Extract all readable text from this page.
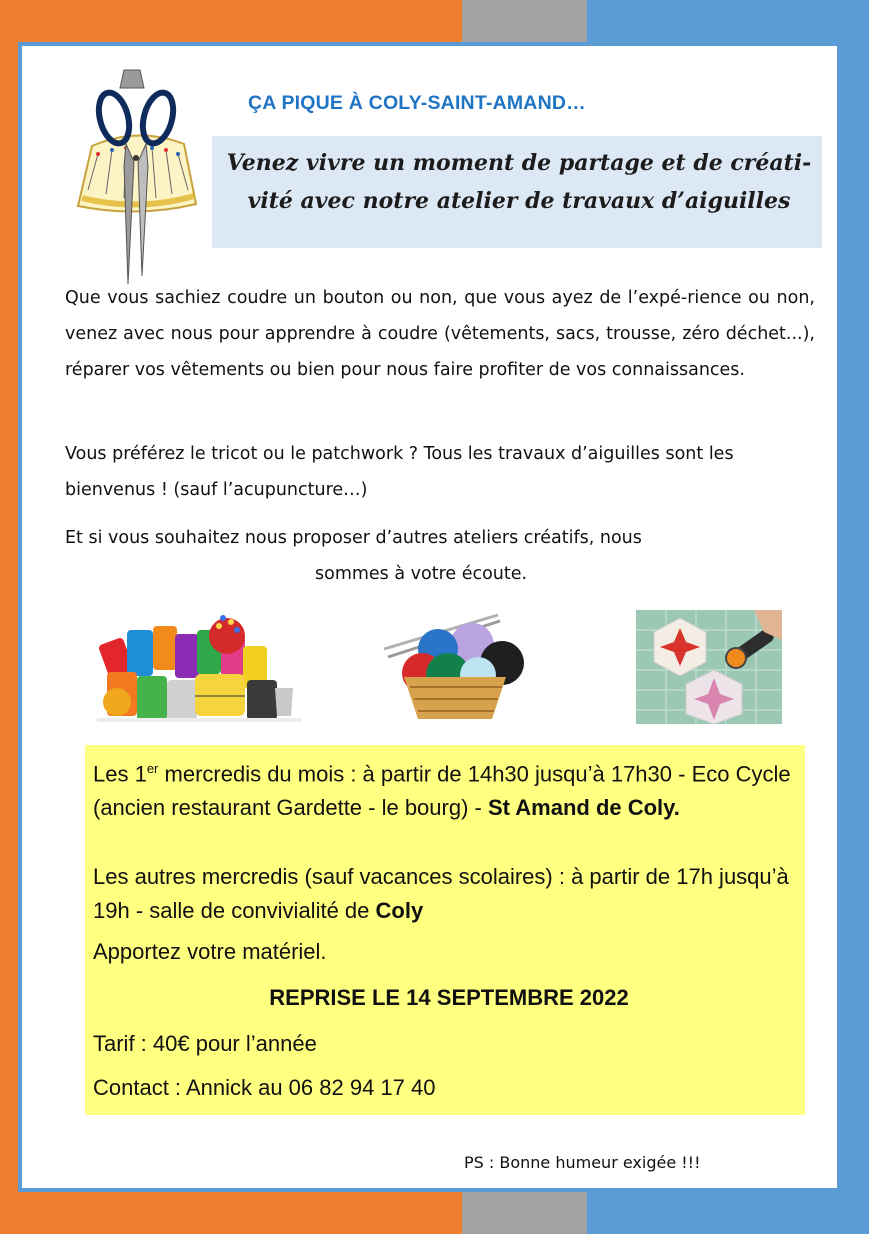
ÇA PIQUE À COLY-SAINT-AMAND…
Venez vivre un moment de partage et de créati-
vité avec notre atelier de travaux d’aiguilles
Que vous sachiez coudre un bouton ou non, que vous ayez de l’expé-rience ou non, venez avec nous pour apprendre à coudre (vêtements, sacs, trousse, zéro déchet...), réparer vos vêtements ou bien pour nous faire profiter de vos connaissances.
Vous préférez le tricot ou le patchwork ? Tous les travaux d’aiguilles sont les bienvenus ! (sauf l’acupuncture…)
Et si vous souhaitez nous proposer d’autres ateliers créatifs, nous
sommes à votre écoute.
Les 1er mercredis du mois : à partir de 14h30 jusqu’à 17h30 - Eco Cycle (ancien restaurant Gardette - le bourg) - St Amand de Coly.
Les autres mercredis (sauf vacances scolaires) : à partir de 17h jusqu’à 19h - salle de convivialité de Coly
Apportez votre matériel.
REPRISE LE 14 SEPTEMBRE 2022
Tarif : 40€ pour l’année
Contact : Annick au 06 82 94 17 40
PS : Bonne humeur exigée !!!
